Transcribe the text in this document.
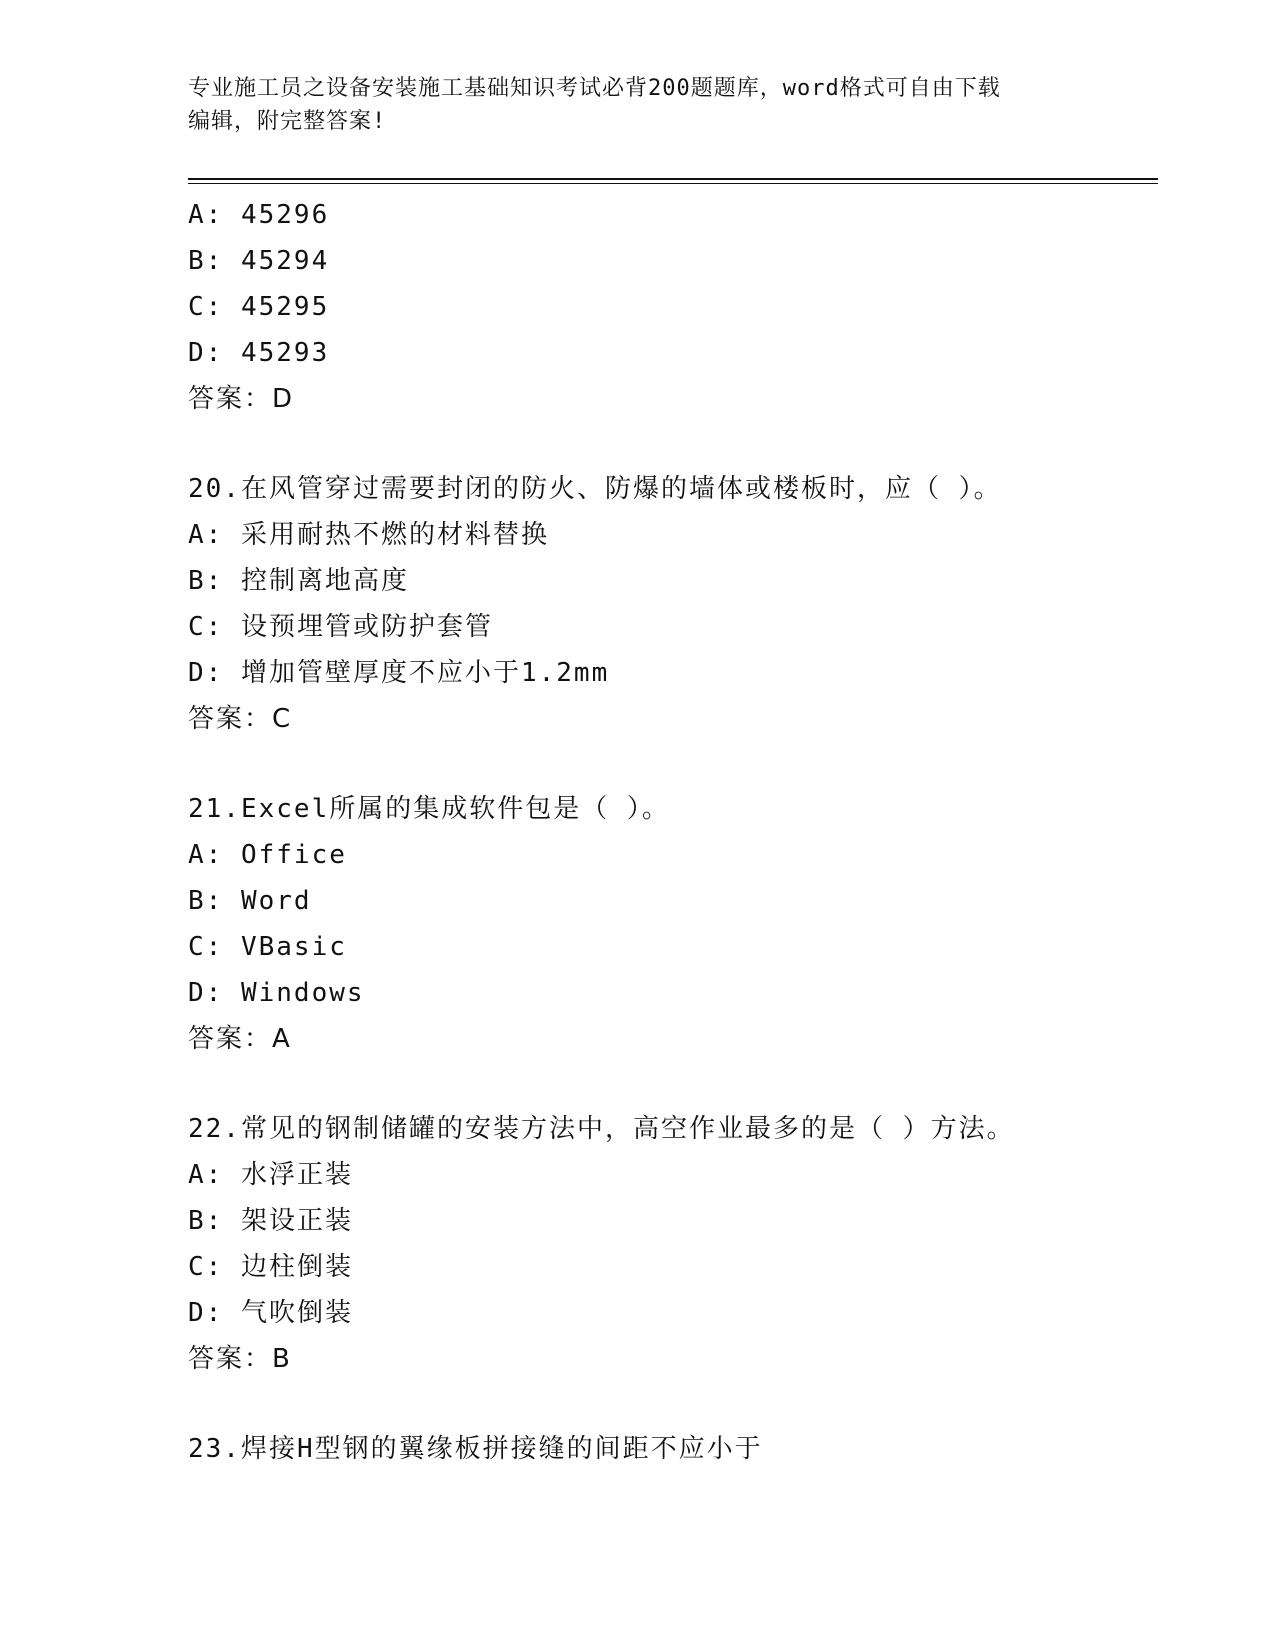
专业施工员之设备安装施工基础知识考试必背200题题库，word格式可自由下载
编辑，附完整答案!
A: 45296
B: 45294
C: 45295
D: 45293
答案：D
20.在风管穿过需要封闭的防火、防爆的墙体或楼板时，应（ ）。
A: 采用耐热不燃的材料替换
B: 控制离地高度
C: 设预埋管或防护套管
D: 增加管壁厚度不应小于1.2mm
答案：C
21.Excel所属的集成软件包是（ ）。
A: Office
B: Word
C: VBasic
D: Windows
答案：A
22.常见的钢制储罐的安装方法中，高空作业最多的是（ ）方法。
A: 水浮正装
B: 架设正装
C: 边柱倒装
D: 气吹倒装
答案：B
23.焊接H型钢的翼缘板拼接缝的间距不应小于
